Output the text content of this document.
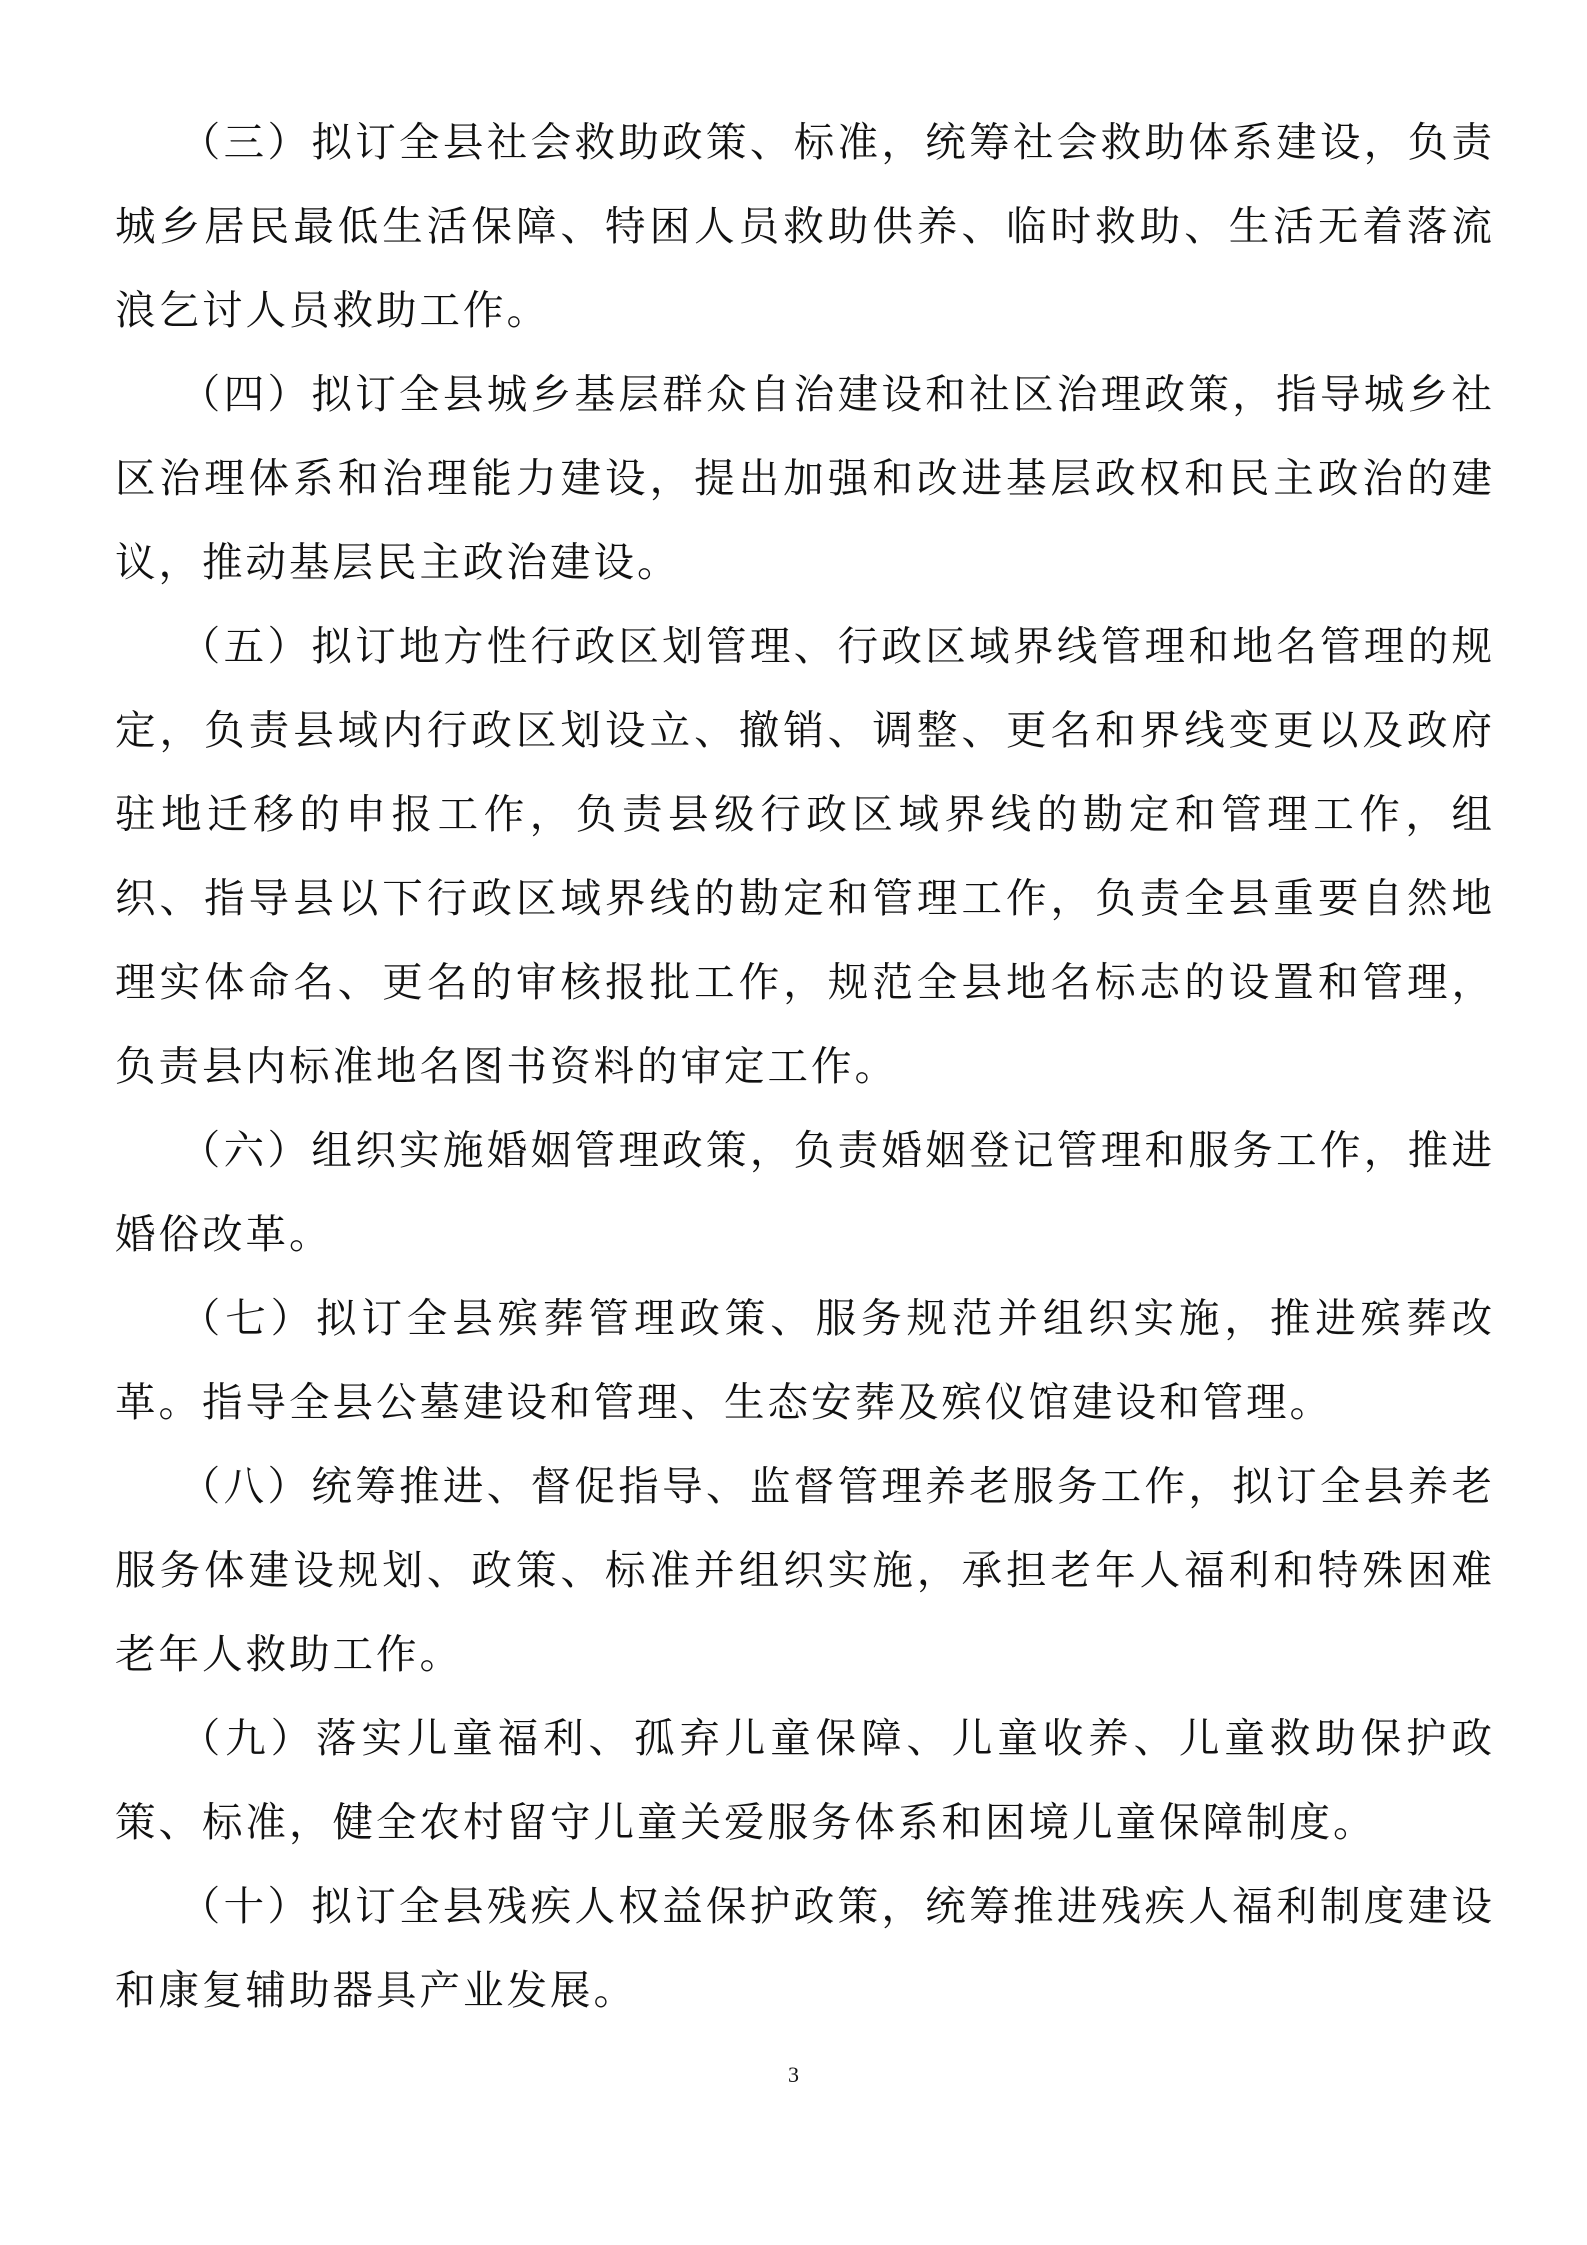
（三）拟订全县社会救助政策、标准，统筹社会救助体系建设，负责城乡居民最低生活保障、特困人员救助供养、临时救助、生活无着落流浪乞讨人员救助工作。

（四）拟订全县城乡基层群众自治建设和社区治理政策，指导城乡社区治理体系和治理能力建设，提出加强和改进基层政权和民主政治的建议，推动基层民主政治建设。

（五）拟订地方性行政区划管理、行政区域界线管理和地名管理的规定，负责县域内行政区划设立、撤销、调整、更名和界线变更以及政府驻地迁移的申报工作，负责县级行政区域界线的勘定和管理工作，组织、指导县以下行政区域界线的勘定和管理工作，负责全县重要自然地理实体命名、更名的审核报批工作，规范全县地名标志的设置和管理，负责县内标准地名图书资料的审定工作。

（六）组织实施婚姻管理政策，负责婚姻登记管理和服务工作，推进婚俗改革。

（七）拟订全县殡葬管理政策、服务规范并组织实施，推进殡葬改革。指导全县公墓建设和管理、生态安葬及殡仪馆建设和管理。

（八）统筹推进、督促指导、监督管理养老服务工作，拟订全县养老服务体建设规划、政策、标准并组织实施，承担老年人福利和特殊困难老年人救助工作。

（九）落实儿童福利、孤弃儿童保障、儿童收养、儿童救助保护政策、标准，健全农村留守儿童关爱服务体系和困境儿童保障制度。

（十）拟订全县残疾人权益保护政策，统筹推进残疾人福利制度建设和康复辅助器具产业发展。

3
